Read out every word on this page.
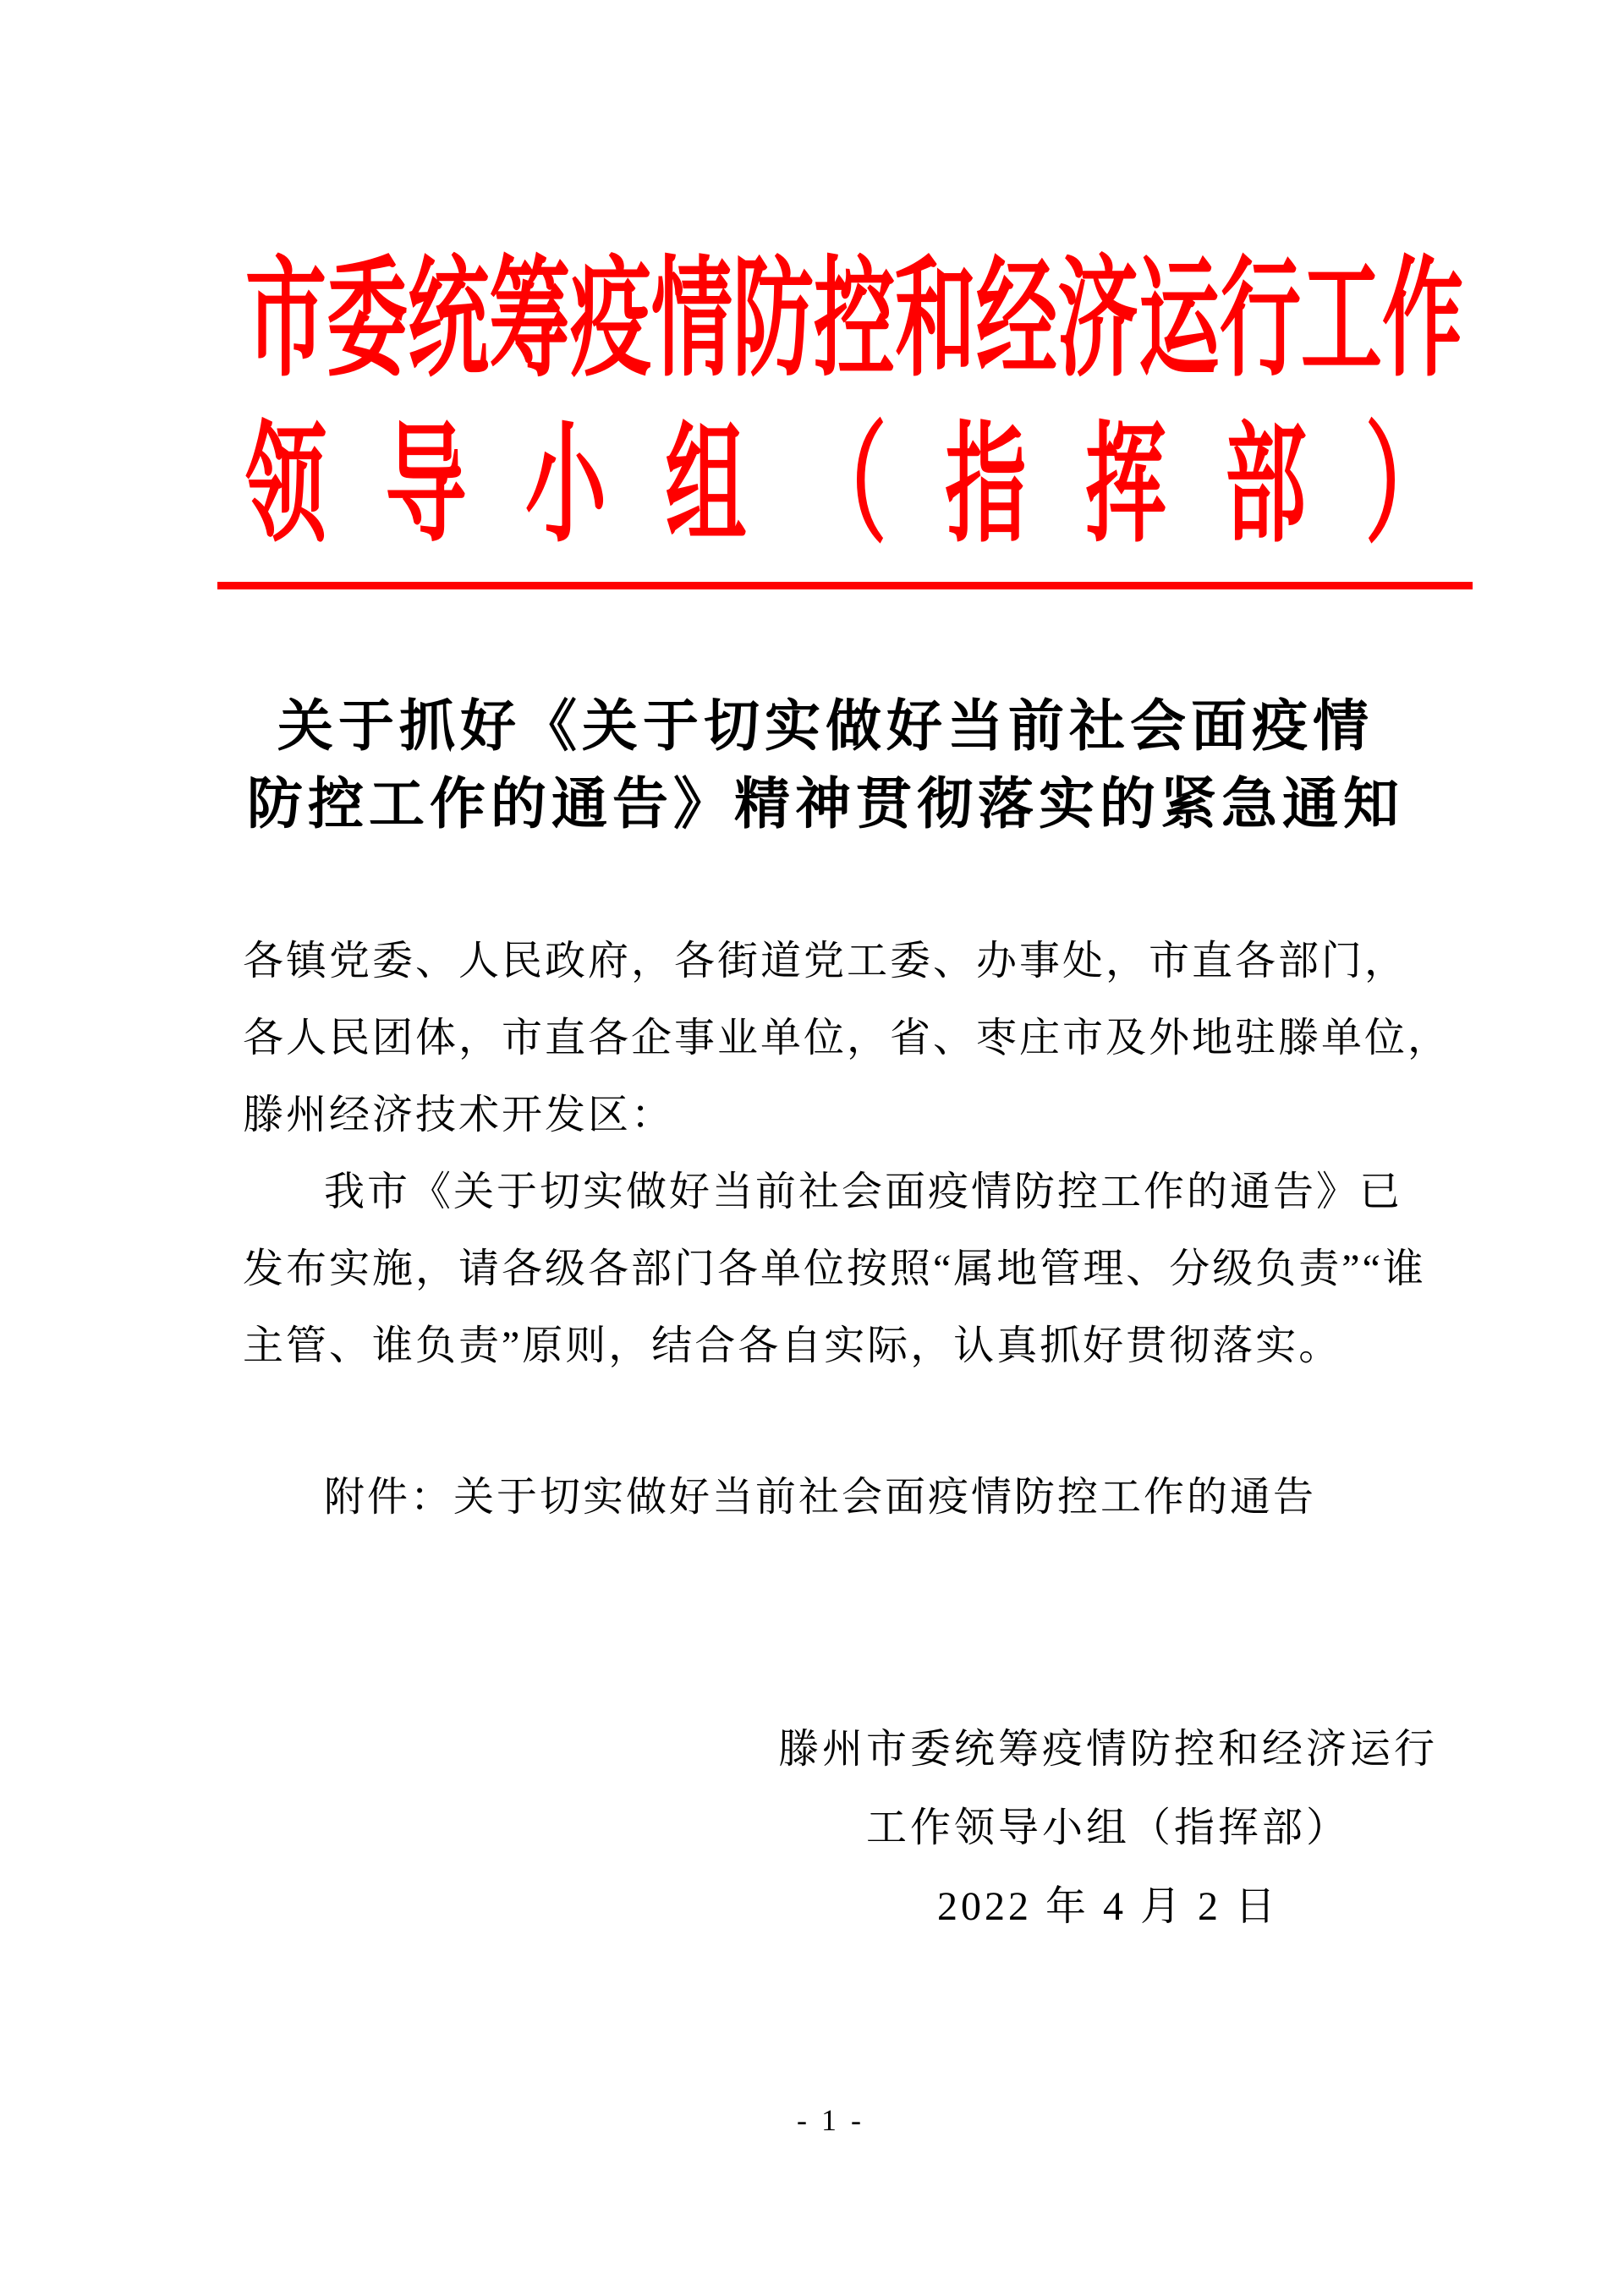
市 委 统 筹 疫 情 防 控 和 经 济 运 行 工 作
领 导 小 组 （ 指 挥 部 ）
关于抓好《关于切实做好当前社会面疫情
防控工作的通告》精神贯彻落实的紧急通知
各镇党委、人民政府，各街道党工委、办事处，市直各部门，
各人民团体，市直各企事业单位，省、枣庄市及外地驻滕单位，
滕州经济技术开发区：
我市《关于切实做好当前社会面疫情防控工作的通告》已
发布实施，请各级各部门各单位按照“属地管理、分级负责”“谁
主管、谁负责”原则，结合各自实际，认真抓好贯彻落实。
附件：关于切实做好当前社会面疫情防控工作的通告
滕州市委统筹疫情防控和经济运行
工作领导小组（指挥部）
2022 年 4 月 2 日
- 1 -
